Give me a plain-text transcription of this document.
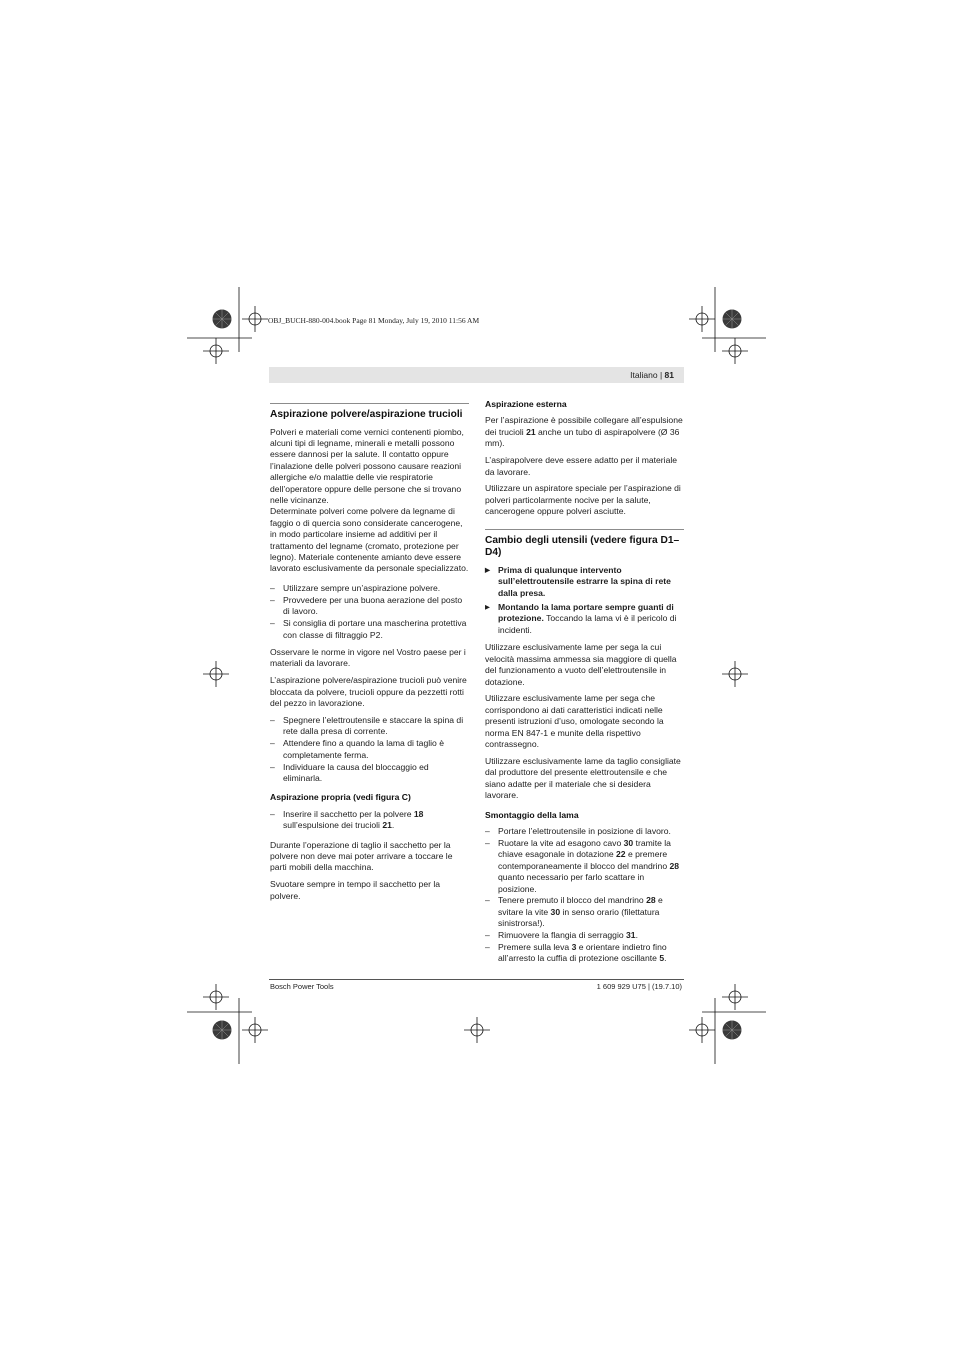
OBJ_BUCH-880-004.book Page 81 Monday, July 19, 2010 11:56 AM
Italiano | 81
Aspirazione polvere/aspirazione trucioli

Polveri e materiali come vernici contenenti piombo, alcuni tipi di legname, minerali e metalli possono essere dannosi per la salute. Il contatto oppure l’inalazione delle polveri possono causare reazioni allergiche e/o malattie delle vie respiratorie dell’operatore oppure delle persone che si trovano nelle vicinanze.

Determinate polveri come polvere da legname di faggio o di quercia sono considerate cancerogene, in modo particolare insieme ad additivi per il trattamento del legname (cromato, protezione per legno). Materiale contenente amianto deve essere lavorato esclusivamente da personale specializzato.

– Utilizzare sempre un’aspirazione polvere.
– Provvedere per una buona aerazione del posto di lavoro.
– Si consiglia di portare una mascherina protettiva con classe di filtraggio P2.

Osservare le norme in vigore nel Vostro paese per i materiali da lavorare.

L’aspirazione polvere/aspirazione trucioli può venire bloccata da polvere, trucioli oppure da pezzetti rotti del pezzo in lavorazione.

– Spegnere l’elettroutensile e staccare la spina di rete dalla presa di corrente.
– Attendere fino a quando la lama di taglio è completamente ferma.
– Individuare la causa del bloccaggio ed eliminarla.
Aspirazione propria (vedi figura C)
– Inserire il sacchetto per la polvere 18 sull’espulsione dei trucioli 21.

Durante l’operazione di taglio il sacchetto per la polvere non deve mai poter arrivare a toccare le parti mobili della macchina.

Svuotare sempre in tempo il sacchetto per la polvere.

Aspirazione esterna

Per l’aspirazione è possibile collegare all’espulsione dei trucioli 21 anche un tubo di aspirapolvere (Ø 36 mm).

L’aspirapolvere deve essere adatto per il materiale da lavorare.

Utilizzare un aspiratore speciale per l’aspirazione di polveri particolarmente nocive per la salute, cancerogene oppure polveri asciutte.

Cambio degli utensili (vedere figura D1–D4)
▶ Prima di qualunque intervento sull’elettroutensile estrarre la spina di rete dalla presa.
▶ Montando la lama portare sempre guanti di protezione. Toccando la lama vi è il pericolo di incidenti.

Utilizzare esclusivamente lame per sega la cui velocità massima ammessa sia maggiore di quella del funzionamento a vuoto dell’elettroutensile in dotazione.

Utilizzare esclusivamente lame per sega che corrispondono ai dati caratteristici indicati nelle presenti istruzioni d’uso, omologate secondo la norma EN 847-1 e munite della rispettivo contrassegno.

Utilizzare esclusivamente lame da taglio consigliate dal produttore del presente elettroutensile e che siano adatte per il materiale che si desidera lavorare.

Smontaggio della lama
– Portare l’elettroutensile in posizione di lavoro.
– Ruotare la vite ad esagono cavo 30 tramite la chiave esagonale in dotazione 22 e premere contemporaneamente il blocco del mandrino 28 quanto necessario per farlo scattare in posizione.
– Tenere premuto il blocco del mandrino 28 e svitare la vite 30 in senso orario (filettatura sinistrorsa!).
– Rimuovere la flangia di serraggio 31.
– Premere sulla leva 3 e orientare indietro fino all’arresto la cuffia di protezione oscillante 5.
Bosch Power Tools	1 609 929 U75 | (19.7.10)
